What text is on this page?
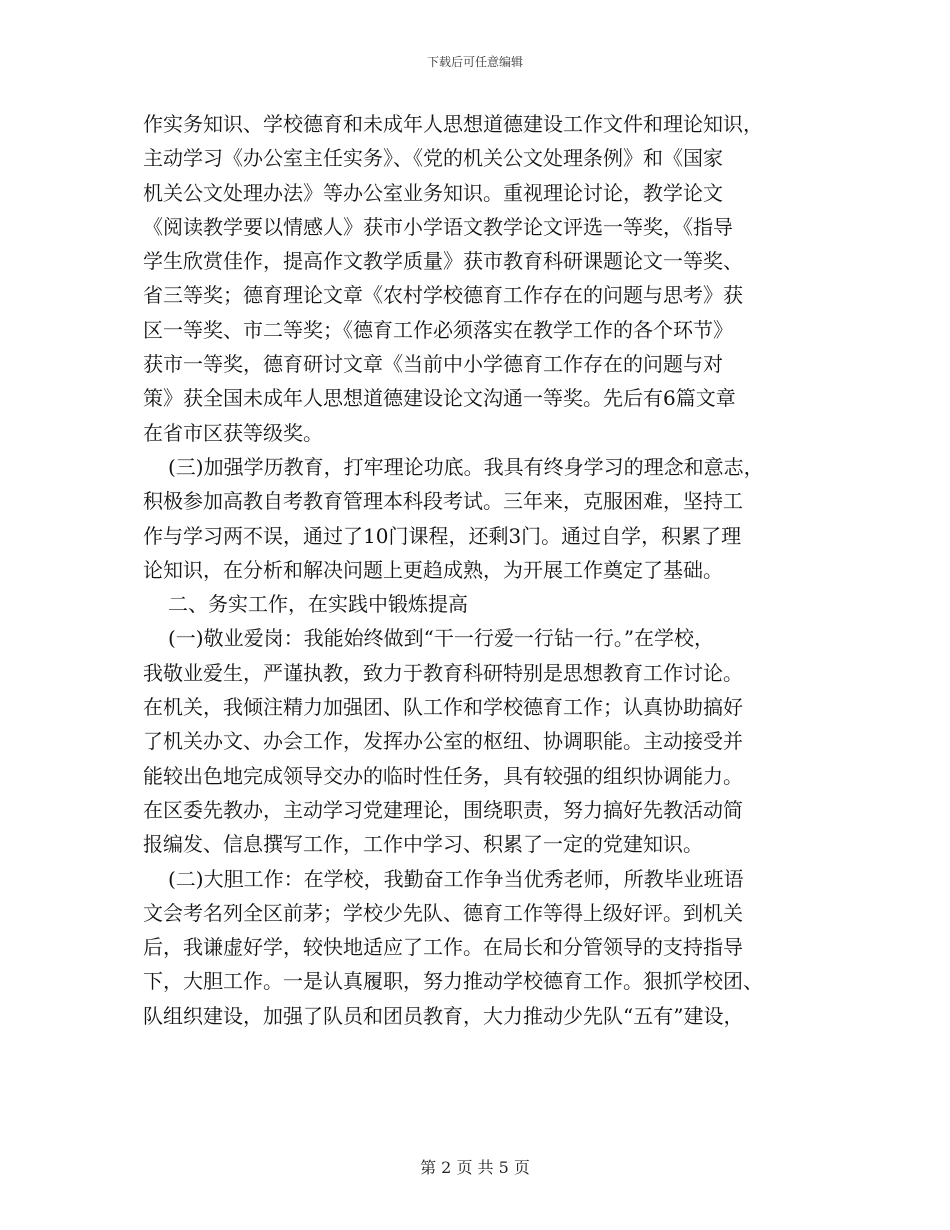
下载后可任意编辑
作实务知识、学校德育和未成年人思想道德建设工作文件和理论知识，
主动学习《办公室主任实务》、《党的机关公文处理条例》和《国家
机关公文处理办法》等办公室业务知识。重视理论讨论，教学论文
《阅读教学要以情感人》获市小学语文教学论文评选一等奖，《指导
学生欣赏佳作，提高作文教学质量》获市教育科研课题论文一等奖、
省三等奖；德育理论文章《农村学校德育工作存在的问题与思考》获
区一等奖、市二等奖；《德育工作必须落实在教学工作的各个环节》
获市一等奖，德育研讨文章《当前中小学德育工作存在的问题与对
策》获全国未成年人思想道德建设论文沟通一等奖。先后有6篇文章
在省市区获等级奖。
(三)加强学历教育，打牢理论功底。我具有终身学习的理念和意志，
积极参加高教自考教育管理本科段考试。三年来，克服困难，坚持工
作与学习两不误，通过了10门课程，还剩3门。通过自学，积累了理
论知识，在分析和解决问题上更趋成熟，为开展工作奠定了基础。
二、务实工作，在实践中锻炼提高
(一)敬业爱岗：我能始终做到“干一行爱一行钻一行。”在学校，
我敬业爱生，严谨执教，致力于教育科研特别是思想教育工作讨论。
在机关，我倾注精力加强团、队工作和学校德育工作；认真协助搞好
了机关办文、办会工作，发挥办公室的枢纽、协调职能。主动接受并
能较出色地完成领导交办的临时性任务，具有较强的组织协调能力。
在区委先教办，主动学习党建理论，围绕职责，努力搞好先教活动简
报编发、信息撰写工作，工作中学习、积累了一定的党建知识。
(二)大胆工作：在学校，我勤奋工作争当优秀老师，所教毕业班语
文会考名列全区前茅；学校少先队、德育工作等得上级好评。到机关
后，我谦虚好学，较快地适应了工作。在局长和分管领导的支持指导
下，大胆工作。一是认真履职，努力推动学校德育工作。狠抓学校团、
队组织建设，加强了队员和团员教育，大力推动少先队“五有”建设，
第 2 页 共 5 页
